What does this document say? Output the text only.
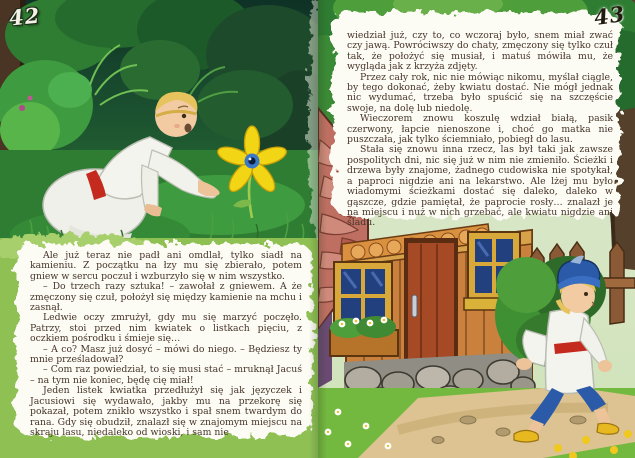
42

Ale już teraz nie padł ani omdlał, tylko siadł na kamieniu. Z początku na łzy mu się zbierało, potem gniew w sercu poczuł i wzburzyło się w nim wszystko.

– Do trzech razy sztuka! – zawołał z gniewem. A że zmęczony się czuł, położył się między kamienie na mchu i zasnął.

Ledwie oczy zmrużył, gdy mu się marzyć poczęło. Patrzy, stoi przed nim kwiatek o listkach pięciu, z oczkiem pośrodku i śmieje się…

– A co? Masz już dosyć – mówi do niego. – Będziesz ty mnie prześladował?

– Com raz powiedział, to się musi stać – mruknął Jacuś – na tym nie koniec, będę cię miał!

Jeden listek kwiatka przedłużył się jak języczek i Jacusiowi się wydawało, jakby mu na przekorę się pokazał, potem znikło wszystko i spał snem twardym do rana. Gdy się obudził, znalazł się w znajomym miejscu na skraju lasu, niedaleko od wioski, i sam nie

43

wiedział już, czy to, co wczoraj było, snem miał zwać czy jawą. Powróciwszy do chaty, zmęczony się tylko czuł tak, że położyć się musiał, i matuś mówiła mu, że wygląda jak z krzyża zdjęty.

Przez cały rok, nic nie mówiąc nikomu, myślał ciągle, by tego dokonać, żeby kwiatu dostać. Nie mógł jednak nic wydumać, trzeba było spuścić się na szczęście swoje, na dolę lub niedolę.

Wieczorem znowu koszulę wdział białą, pasik czerwony, łapcie nienoszone i, choć go matka nie puszczała, jak tylko ściemniało, pobiegł do lasu.

Stała się znowu inna rzecz, las był taki jak zawsze pospolitych dni, nic się już w nim nie zmieniło. Ścieżki i drzewa były znajome, żadnego cudowiska nie spotykał, a paproci nigdzie ani na lekarstwo. Ale lżej mu było wiadomymi ścieżkami dostać się daleko, daleko w gąszcze, gdzie pamiętał, że paprocie rosły… znalazł je na miejscu i nuż w nich grzebać, ale kwiatu nigdzie ani śladu.
